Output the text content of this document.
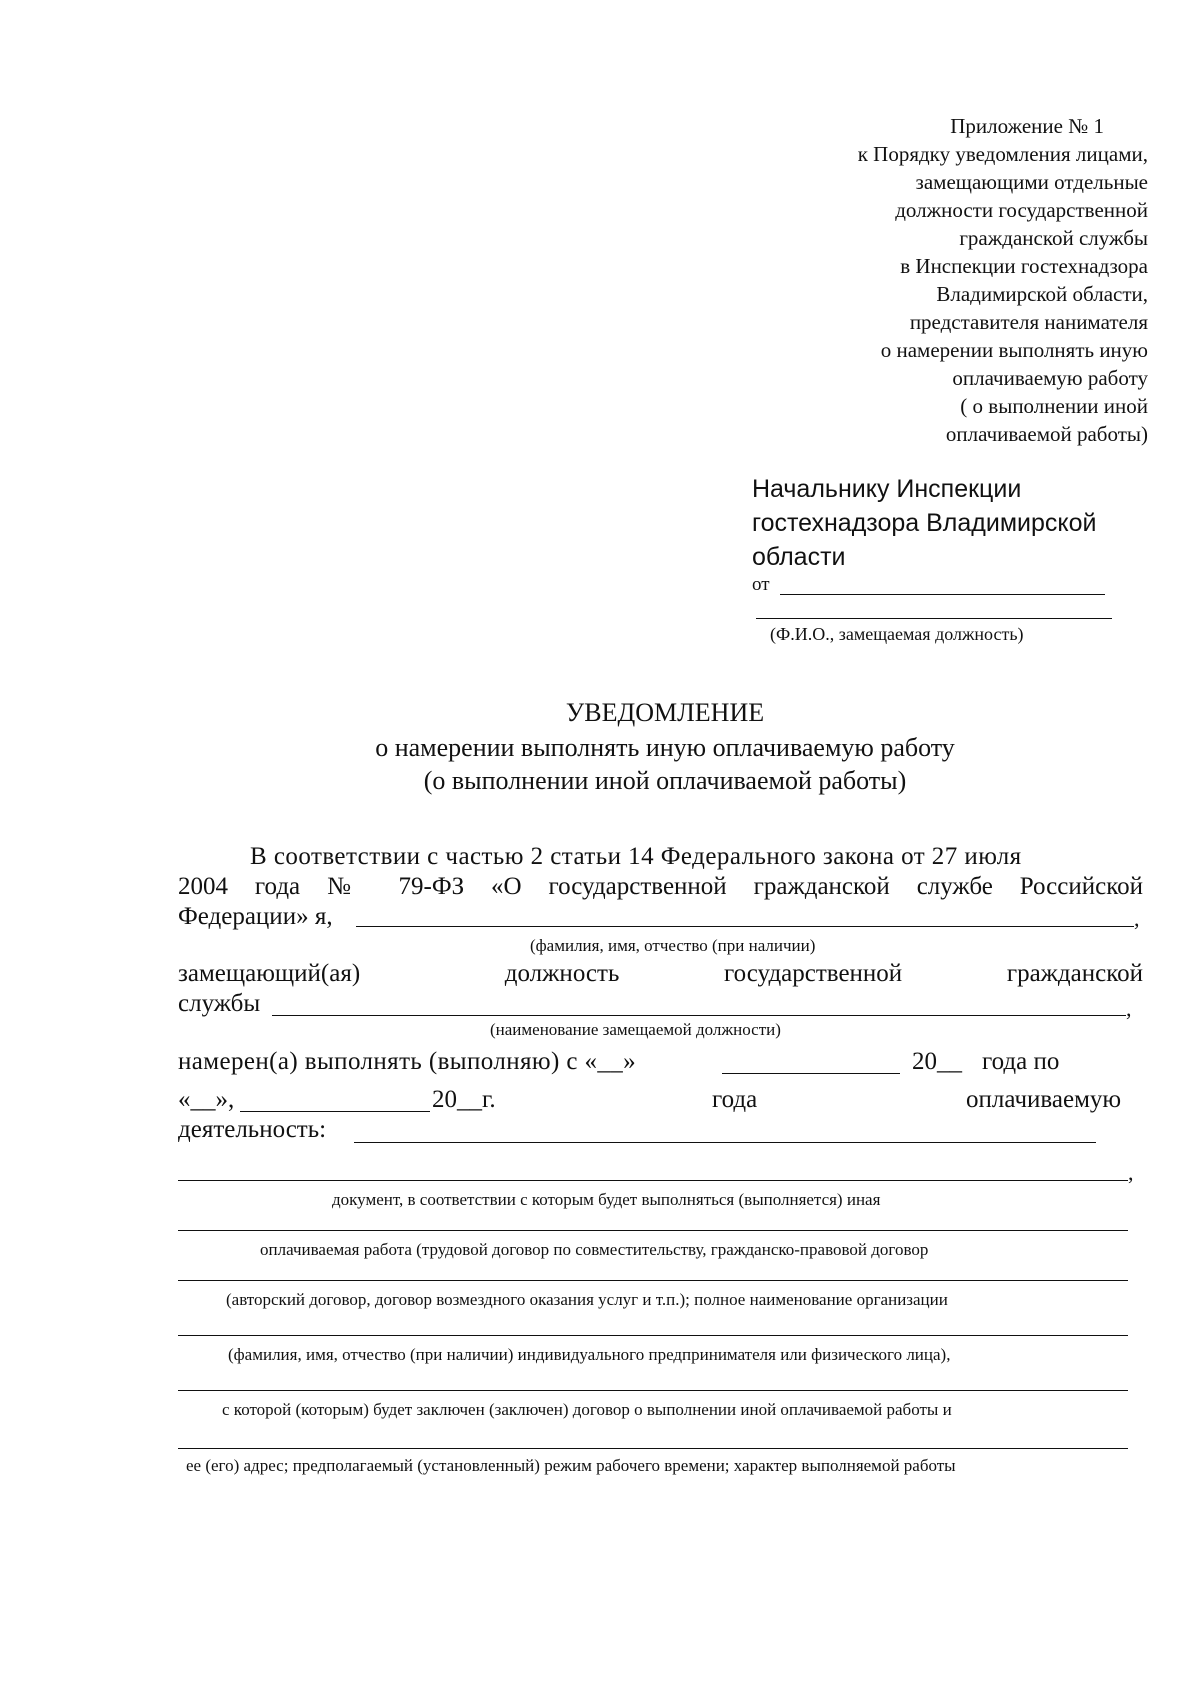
Приложение № 1
к Порядку уведомления лицами,
замещающими отдельные
должности государственной
гражданской службы
в Инспекции гостехнадзора
Владимирской области,
представителя нанимателя
о намерении выполнять иную
оплачиваемую работу
( о выполнении иной
оплачиваемой работы)
Начальнику Инспекции
гостехнадзора Владимирской
области
от
(Ф.И.О., замещаемая должность)
УВЕДОМЛЕНИЕ
о намерении выполнять иную оплачиваемую работу
(о выполнении иной оплачиваемой работы)
В соответствии с частью 2 статьи 14 Федерального закона от 27 июля
2004 года № 79-ФЗ «О государственной гражданской службе Российской
Федерации» я,	,
(фамилия, имя, отчество (при наличии)
замещающий(ая)	должность	государственной	гражданской
службы	,
(наименование замещаемой должности)
намерен(а) выполнять (выполняю) с «__»	20__ года по
«__»,	20__г.	года	оплачиваемую
деятельность:
,
документ, в соответствии с которым будет выполняться (выполняется) иная
оплачиваемая работа (трудовой договор по совместительству, гражданско-правовой договор
(авторский договор, договор возмездного оказания услуг и т.п.); полное наименование организации
(фамилия, имя, отчество (при наличии) индивидуального предпринимателя или физического лица),
с которой (которым) будет заключен (заключен) договор о выполнении иной оплачиваемой работы и
ее (его) адрес; предполагаемый (установленный) режим рабочего времени; характер выполняемой работы
